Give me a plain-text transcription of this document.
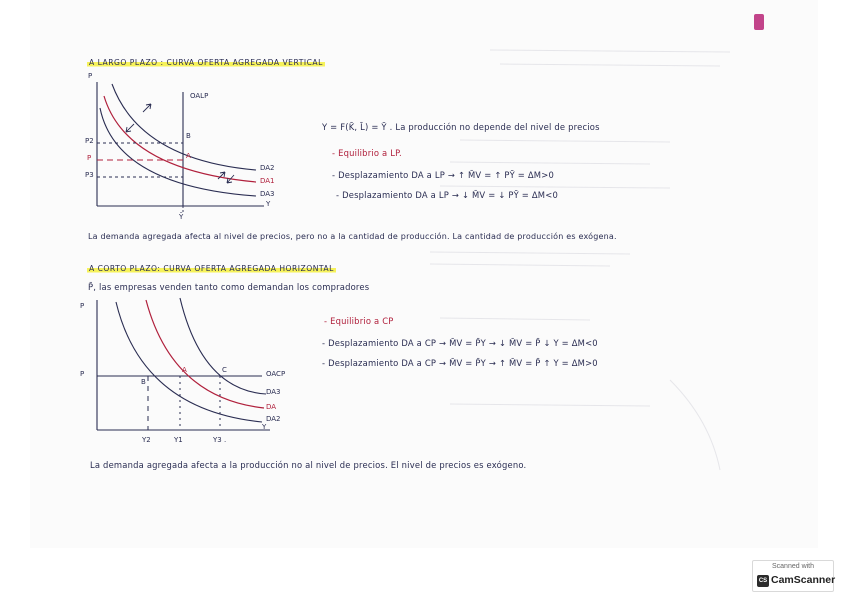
A LARGO PLAZO : CURVA OFERTA AGREGADA VERTICAL
P
Y
OALP
DA2
DA1
DA3
P2
P
P3
B
A
Ȳ
Y = F(K̄, L̄) = Ȳ . La producción no depende del nivel de precios
- Equilibrio a LP.
- Desplazamiento DA a LP → ↑ M̄V = ↑ PȲ = ΔM>0
- Desplazamiento DA a LP → ↓ M̄V = ↓ PȲ = ΔM<0
La demanda agregada afecta al nivel de precios, pero no a la cantidad de producción. La cantidad de producción es exógena.
A CORTO PLAZO: CURVA OFERTA AGREGADA HORIZONTAL
P̄, las empresas venden tanto como demandan los compradores
P
P
Y
OACP
DA3
DA
DA2
B
A	C
Y2	Y1	Y3 .
- Equilibrio a CP
- Desplazamiento DA a CP → M̄V = P̄Y → ↓ M̄V = P̄ ↓ Y = ΔM<0
- Desplazamiento DA a CP → M̄V = P̄Y → ↑ M̄V = P̄ ↑ Y = ΔM>0
La demanda agregada afecta a la producción no al nivel de precios. El nivel de precios es exógeno.
Scanned with
CS CamScanner
